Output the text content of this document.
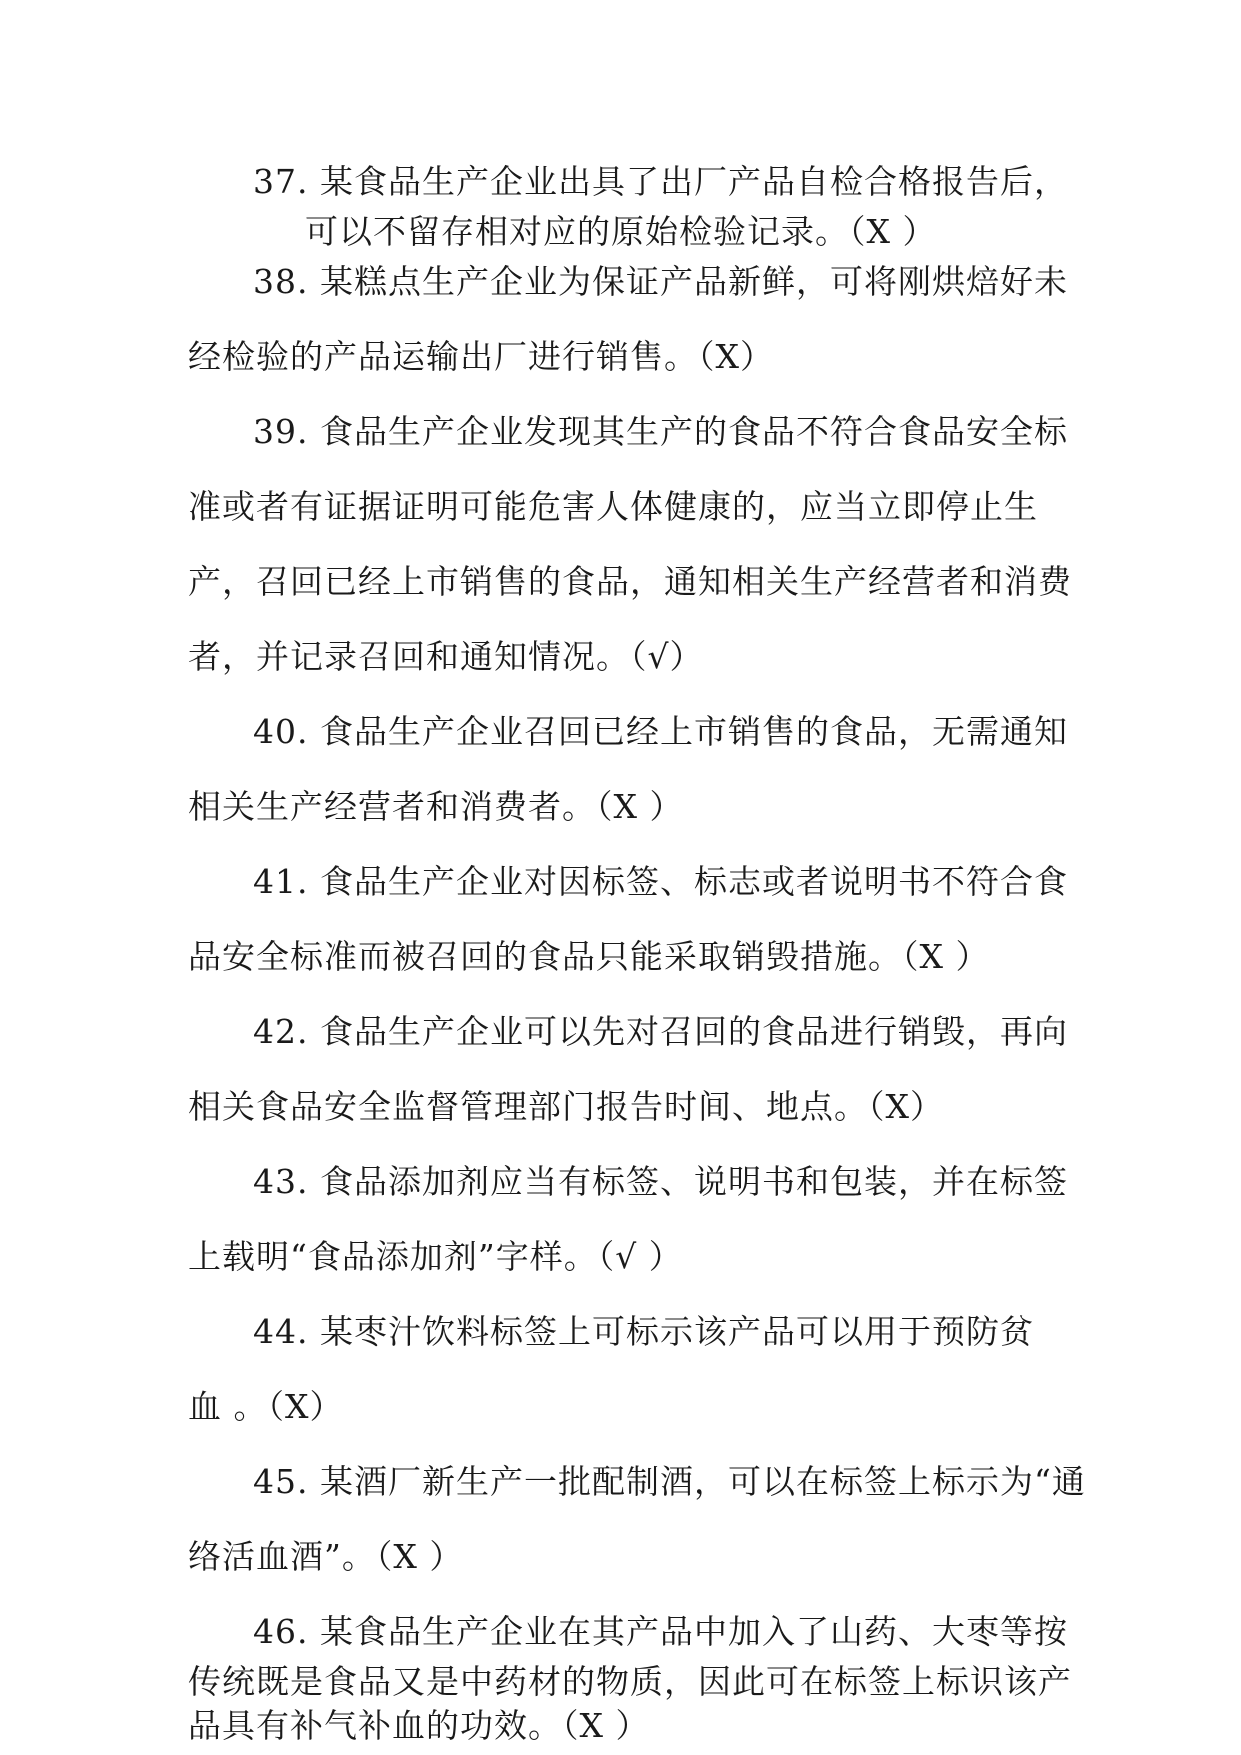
37. 某食品生产企业出具了出厂产品自检合格报告后，
可以不留存相对应的原始检验记录。（X ）
38. 某糕点生产企业为保证产品新鲜，可将刚烘焙好未
经检验的产品运输出厂进行销售。（X）
39. 食品生产企业发现其生产的食品不符合食品安全标
准或者有证据证明可能危害人体健康的，应当立即停止生
产，召回已经上市销售的食品，通知相关生产经营者和消费
者，并记录召回和通知情况。（√）
40. 食品生产企业召回已经上市销售的食品，无需通知
相关生产经营者和消费者。（X ）
41. 食品生产企业对因标签、标志或者说明书不符合食
品安全标准而被召回的食品只能采取销毁措施。（X ）
42. 食品生产企业可以先对召回的食品进行销毁，再向
相关食品安全监督管理部门报告时间、地点。（X）
43. 食品添加剂应当有标签、说明书和包装，并在标签
上载明“食品添加剂”字样。（√ ）
44. 某枣汁饮料标签上可标示该产品可以用于预防贫
血 。（X）
45. 某酒厂新生产一批配制酒，可以在标签上标示为“通
络活血酒”。（X ）
46. 某食品生产企业在其产品中加入了山药、大枣等按
传统既是食品又是中药材的物质，因此可在标签上标识该产
品具有补气补血的功效。（X ）
